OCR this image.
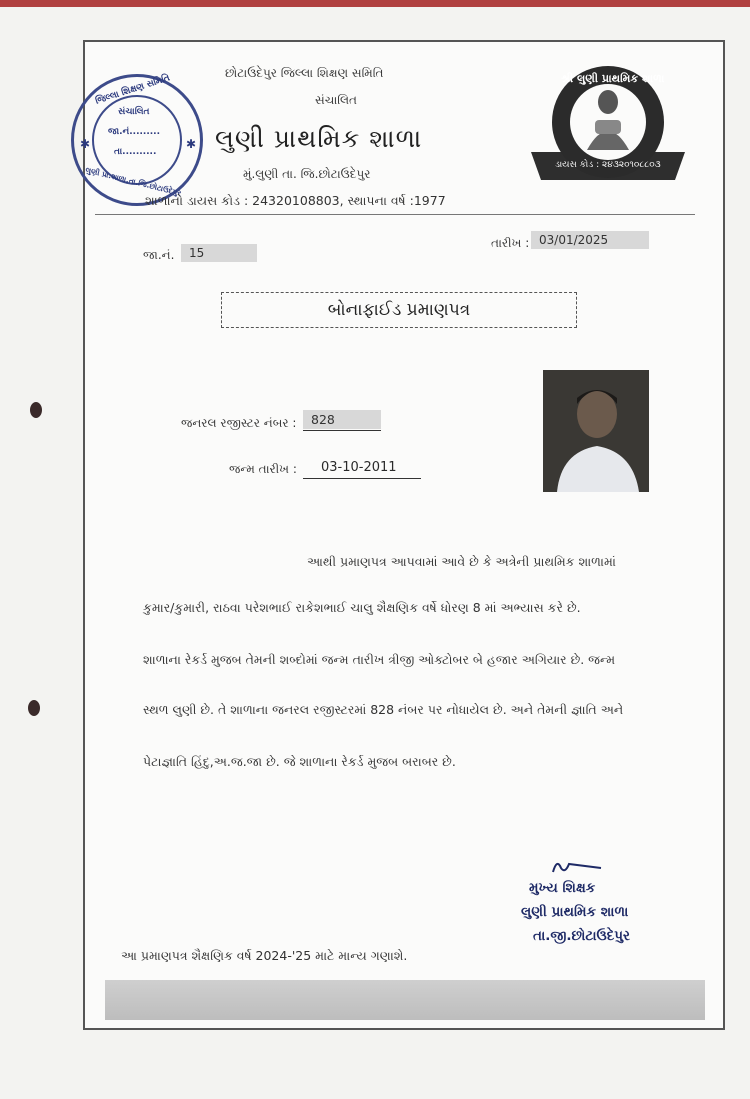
જિલ્લા શિક્ષણ સમિતિ
સંચાલિત
જા.નં.........
તા..........
લુણી પ્રા.શાળા,તા.જિ.છોટાઉદેપુર
✱	✱
છોટાઉદેપુર જિલ્લા શિક્ષણ સમિતિ
સંચાલિત
લુણી પ્રાથમિક શાળા
મું.લુણી તા. જિ.છોટાઉદેપુર
શાળાનો ડાયસ કોડ : 24320108803, સ્થાપના વર્ષ :1977
શ્રી લુણી પ્રાથમિક શાળા
ડાયસ કોડ : ૨૪૩૨૦૧૦૮૮૦૩
જા.નં.	15
તારીખ : 03/01/2025
બોનાફાઈડ પ્રમાણપત્ર
જનરલ રજીસ્ટર નંબર :	828
જન્મ તારીખ : 03-10-2011
આથી પ્રમાણપત્ર આપવામાં આવે છે કે અત્રેની પ્રાથમિક શાળામાં
કુમાર/કુમારી, રાઠવા પરેશભાઈ રાકેશભાઈ ચાલુ શૈક્ષણિક વર્ષે ધોરણ 8 માં અભ્યાસ કરે છે.
શાળાના રેકર્ડ મુજબ તેમની શબ્દોમાં જન્મ તારીખ ત્રીજી ઓક્ટોબર બે હજાર અગિયાર છે. જન્મ
સ્થળ લુણી છે. તે શાળાના જનરલ રજીસ્ટરમાં 828 નંબર પર નોધાયેલ છે. અને તેમની જ્ઞાતિ અને
પેટાજ્ઞાતિ હિંદુ,અ.જ.જા છે. જે શાળાના રેકર્ડ મુજબ બરાબર છે.
મુખ્ય શિક્ષક
લુણી પ્રાથમિક શાળા
તા.જી.છોટાઉદેપુર
આ પ્રમાણપત્ર શૈક્ષણિક વર્ષ 2024-'25 માટે માન્ય ગણાશે.
